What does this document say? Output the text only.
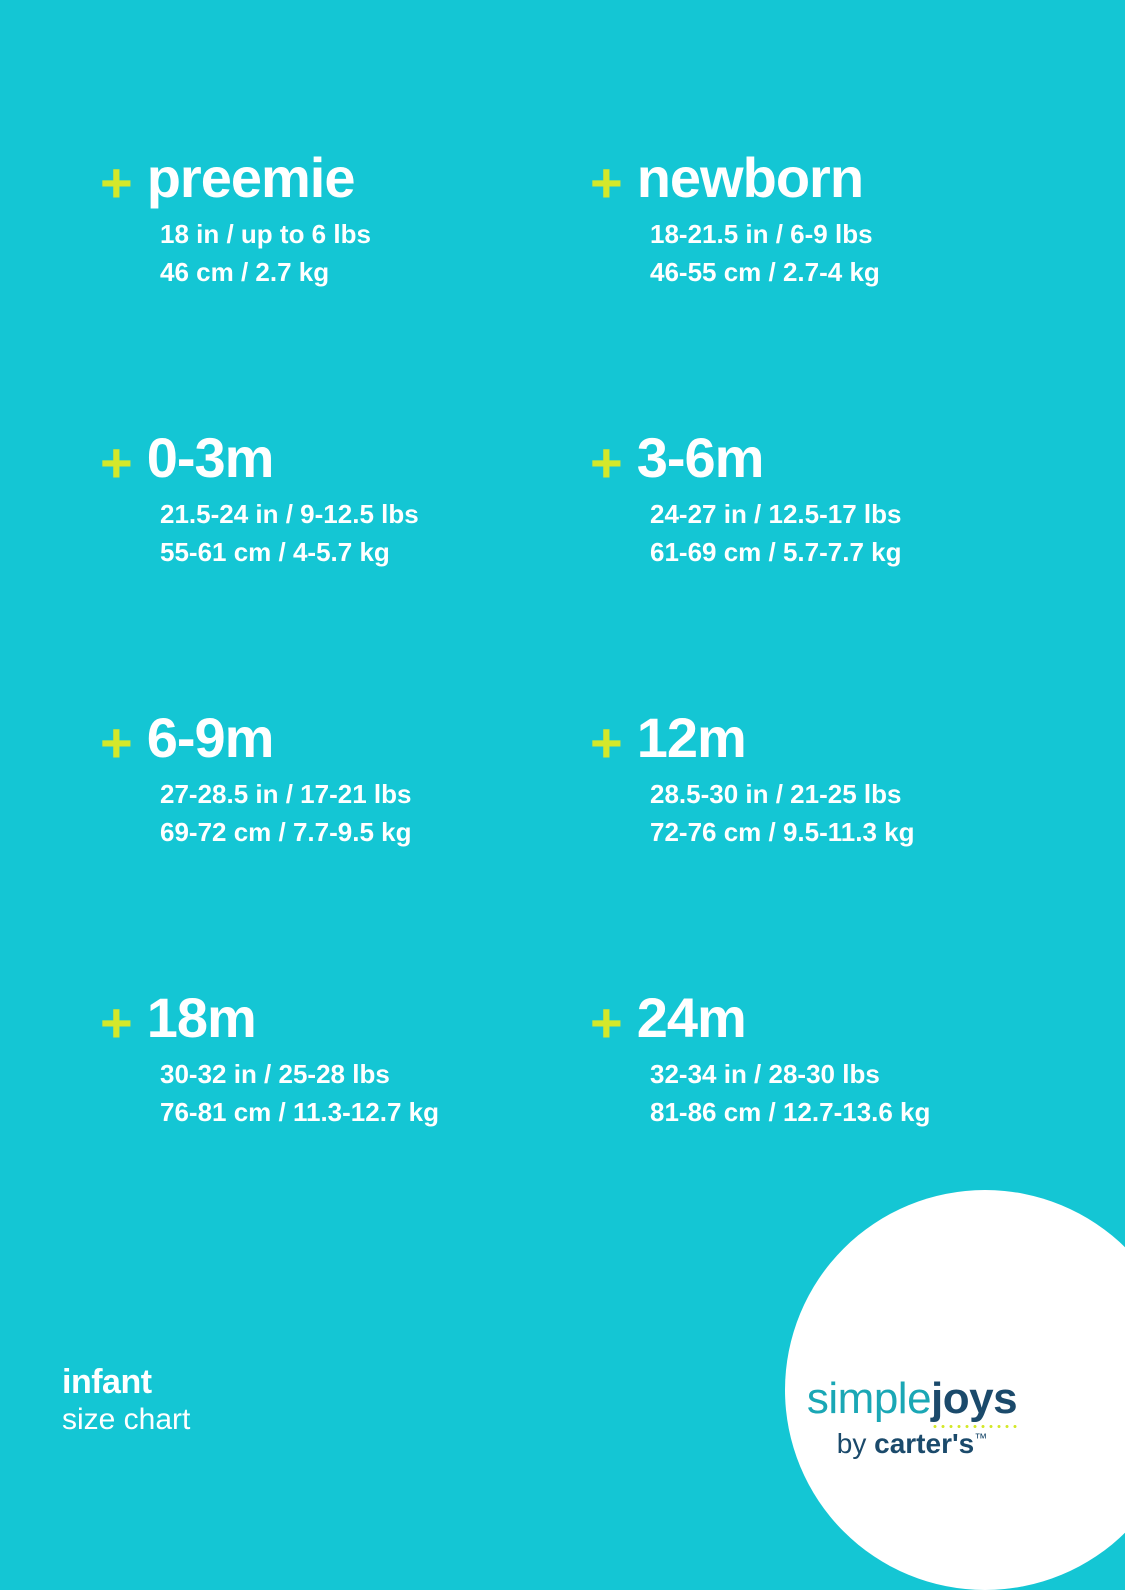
+ preemie
18 in / up to 6 lbs
46 cm / 2.7 kg
+ newborn
18-21.5 in / 6-9 lbs
46-55 cm / 2.7-4 kg
+ 0-3m
21.5-24 in / 9-12.5 lbs
55-61 cm / 4-5.7 kg
+ 3-6m
24-27 in / 12.5-17 lbs
61-69 cm / 5.7-7.7 kg
+ 6-9m
27-28.5 in / 17-21 lbs
69-72 cm / 7.7-9.5 kg
+ 12m
28.5-30 in / 21-25 lbs
72-76 cm / 9.5-11.3 kg
+ 18m
30-32 in / 25-28 lbs
76-81 cm / 11.3-12.7 kg
+ 24m
32-34 in / 28-30 lbs
81-86 cm / 12.7-13.6 kg
infant
size chart	simplejoys
by carter's™
